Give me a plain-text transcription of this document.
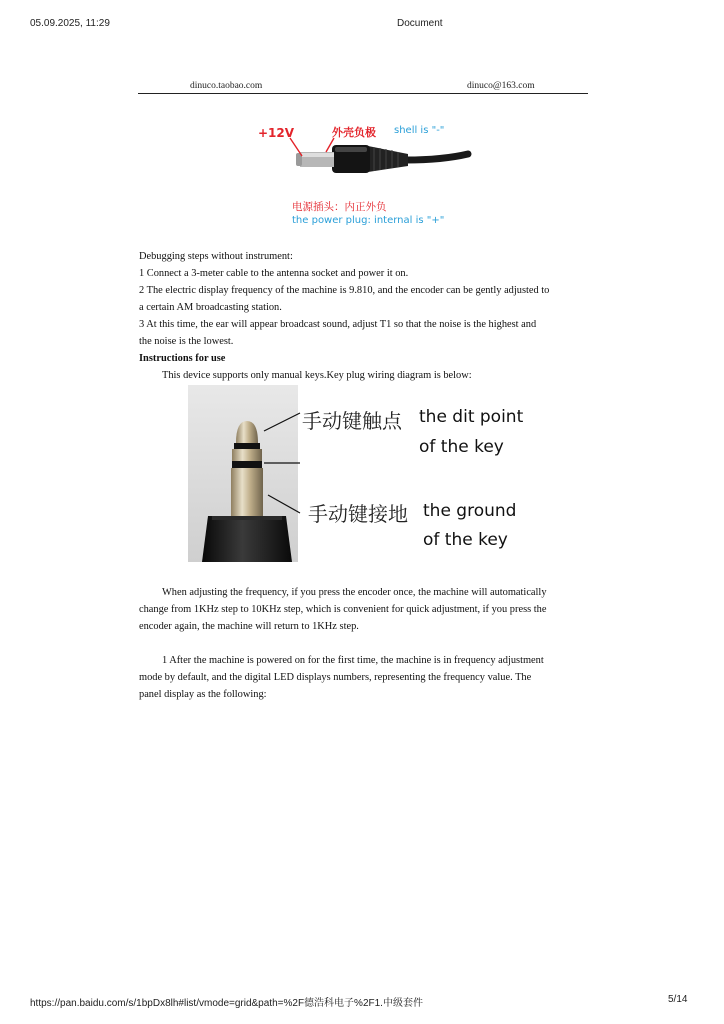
05.09.2025, 11:29	Document
dinuco.taobao.com	dinuco@163.com
+12V	外壳负极 shell is "-"
电源插头：内正外负
the power plug: internal is "+"
Debugging steps without instrument:
1 Connect a 3-meter cable to the antenna socket and power it on.
2 The electric display frequency of the machine is 9.810, and the encoder can be gently adjusted to
a certain AM broadcasting station.
3 At this time, the ear will appear broadcast sound, adjust T1 so that the noise is the highest and
the noise is the lowest.
Instructions for use
This device supports only manual keys.Key plug wiring diagram is below:
手动键触点 the dit point
of the key
手动键接地 the ground
of the key
When adjusting the frequency, if you press the encoder once, the machine will automatically
change from 1KHz step to 10KHz step, which is convenient for quick adjustment, if you press the
encoder again, the machine will return to 1KHz step.
1 After the machine is powered on for the first time, the machine is in frequency adjustment
mode by default, and the digital LED displays numbers, representing the frequency value. The
panel display as the following:
https://pan.baidu.com/s/1bpDx8lh#list/vmode=grid&path=%2F德浩科电子%2F1.中级套件	5/14
